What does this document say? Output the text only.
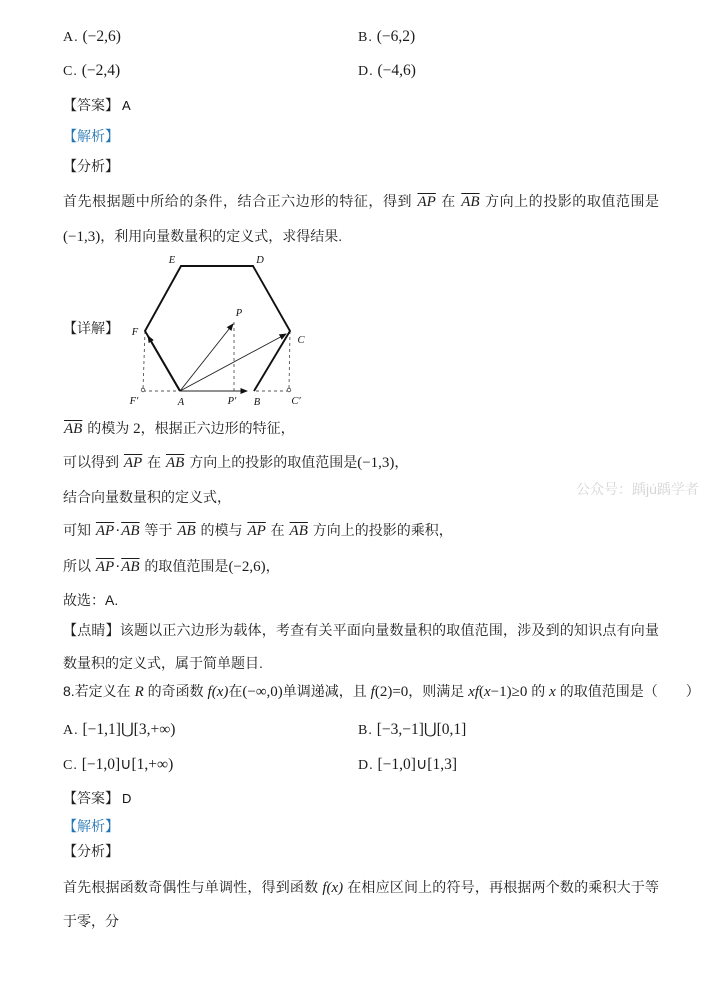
A. (−2,6)	B. (−6,2)
C. (−2,4)	D. (−4,6)
【答案】 A
【解析】
【分析】
首先根据题中所给的条件，结合正六边形的特征，得到 $\overline{AP}$ 在 $\overline{AB}$ 方向上的投影的取值范围是(−1,3)，利用向量数量积的定义式，求得结果.
【详解】
E	D
F
C
A	B
F′	P′	C′
P
$\overline{AB}$ 的模为 2，根据正六边形的特征，
可以得到 $\overline{AP}$ 在 $\overline{AB}$ 方向上的投影的取值范围是(−1,3)，
结合向量数量积的定义式，
可知 $\overline{AP}\cdot\overline{AB}$ 等于 $\overline{AB}$ 的模与 $\overline{AP}$ 在 $\overline{AB}$ 方向上的投影的乘积，
所以 $\overline{AP}\cdot\overline{AB}$ 的取值范围是(−2,6)，
故选：A.
公众号：踽jú踽学者
【点睛】该题以正六边形为载体，考查有关平面向量数量积的取值范围，涉及到的知识点有向量数量积的定义式，属于简单题目.
8.若定义在 R 的奇函数 f(x)在(−∞,0)单调递减，且 f(2)=0，则满足 xf(x−1)≥0 的 x 的取值范围是（　　）
A. [−1,1]⋃[3,+∞)	B. [−3,−1]⋃[0,1]
C. [−1,0]∪[1,+∞)	D. [−1,0]∪[1,3]
【答案】 D
【解析】
【分析】
首先根据函数奇偶性与单调性，得到函数 f(x) 在相应区间上的符号，再根据两个数的乘积大于等于零，分
